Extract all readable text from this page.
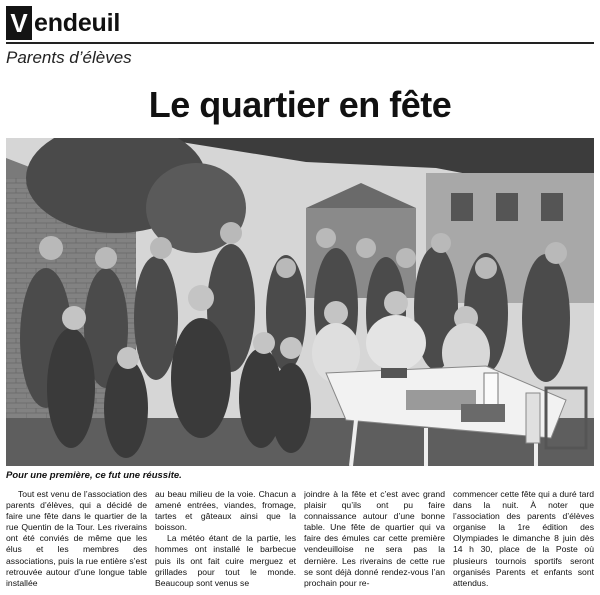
V endeuil
Parents d’élèves
Le quartier en fête
Pour une première, ce fut une réussite.

Tout est venu de l’association des parents d’élèves, qui a décidé de faire une fête dans le quartier de la rue Quentin de la Tour. Les riverains ont été conviés de même que les élus et les membres des associations, puis la rue entière s’est retrouvée autour d’une longue table installée

au beau milieu de la voie. Chacun a amené entrées, viandes, fromage, tartes et gâteaux ainsi que la boisson.

La météo étant de la partie, les hommes ont installé le barbecue puis ils ont fait cuire merguez et grillades pour tout le monde. Beaucoup sont venus se

joindre à la fête et c’est avec grand plaisir qu’ils ont pu faire connaissance autour d’une bonne table. Une fête de quartier qui va faire des émules car cette première vendeuilloise ne sera pas la dernière. Les riverains de cette rue se sont déjà donné rendez-vous l’an prochain pour re-

commencer cette fête qui a duré tard dans la nuit. À noter que l’association des parents d’élèves organise la 1re édition des Olympiades le dimanche 8 juin dès 14 h 30, place de la Poste où plusieurs tournois sportifs seront organisés Parents et enfants sont attendus.
